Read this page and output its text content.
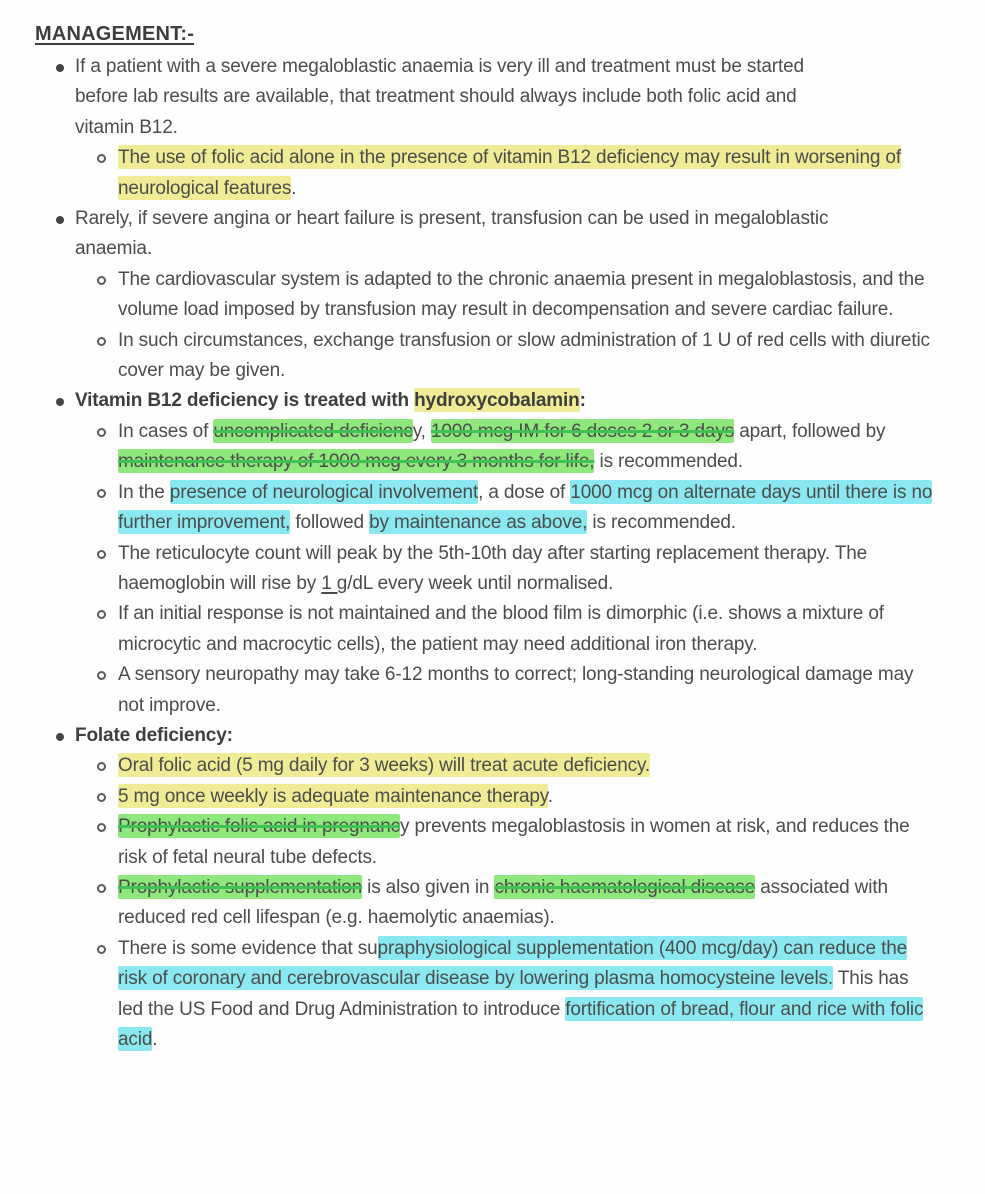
MANAGEMENT:-
If a patient with a severe megaloblastic anaemia is very ill and treatment must be started before lab results are available, that treatment should always include both folic acid and vitamin B12.
The use of folic acid alone in the presence of vitamin B12 deficiency may result in worsening of neurological features.
Rarely, if severe angina or heart failure is present, transfusion can be used in megaloblastic anaemia.
The cardiovascular system is adapted to the chronic anaemia present in megaloblastosis, and the volume load imposed by transfusion may result in decompensation and severe cardiac failure.
In such circumstances, exchange transfusion or slow administration of 1 U of red cells with diuretic cover may be given.
Vitamin B12 deficiency is treated with hydroxycobalamin:
In cases of uncomplicated deficiency, 1000 mcg IM for 6 doses 2 or 3 days apart, followed by maintenance therapy of 1000 mcg every 3 months for life, is recommended.
In the presence of neurological involvement, a dose of 1000 mcg on alternate days until there is no further improvement, followed by maintenance as above, is recommended.
The reticulocyte count will peak by the 5th-10th day after starting replacement therapy. The haemoglobin will rise by 1 g/dL every week until normalised.
If an initial response is not maintained and the blood film is dimorphic (i.e. shows a mixture of microcytic and macrocytic cells), the patient may need additional iron therapy.
A sensory neuropathy may take 6-12 months to correct; long-standing neurological damage may not improve.
Folate deficiency:
Oral folic acid (5 mg daily for 3 weeks) will treat acute deficiency.
5 mg once weekly is adequate maintenance therapy.
Prophylactic folic acid in pregnancy prevents megaloblastosis in women at risk, and reduces the risk of fetal neural tube defects.
Prophylactic supplementation is also given in chronic haematological disease associated with reduced red cell lifespan (e.g. haemolytic anaemias).
There is some evidence that supraphysiological supplementation (400 mcg/day) can reduce the risk of coronary and cerebrovascular disease by lowering plasma homocysteine levels. This has led the US Food and Drug Administration to introduce fortification of bread, flour and rice with folic acid.
